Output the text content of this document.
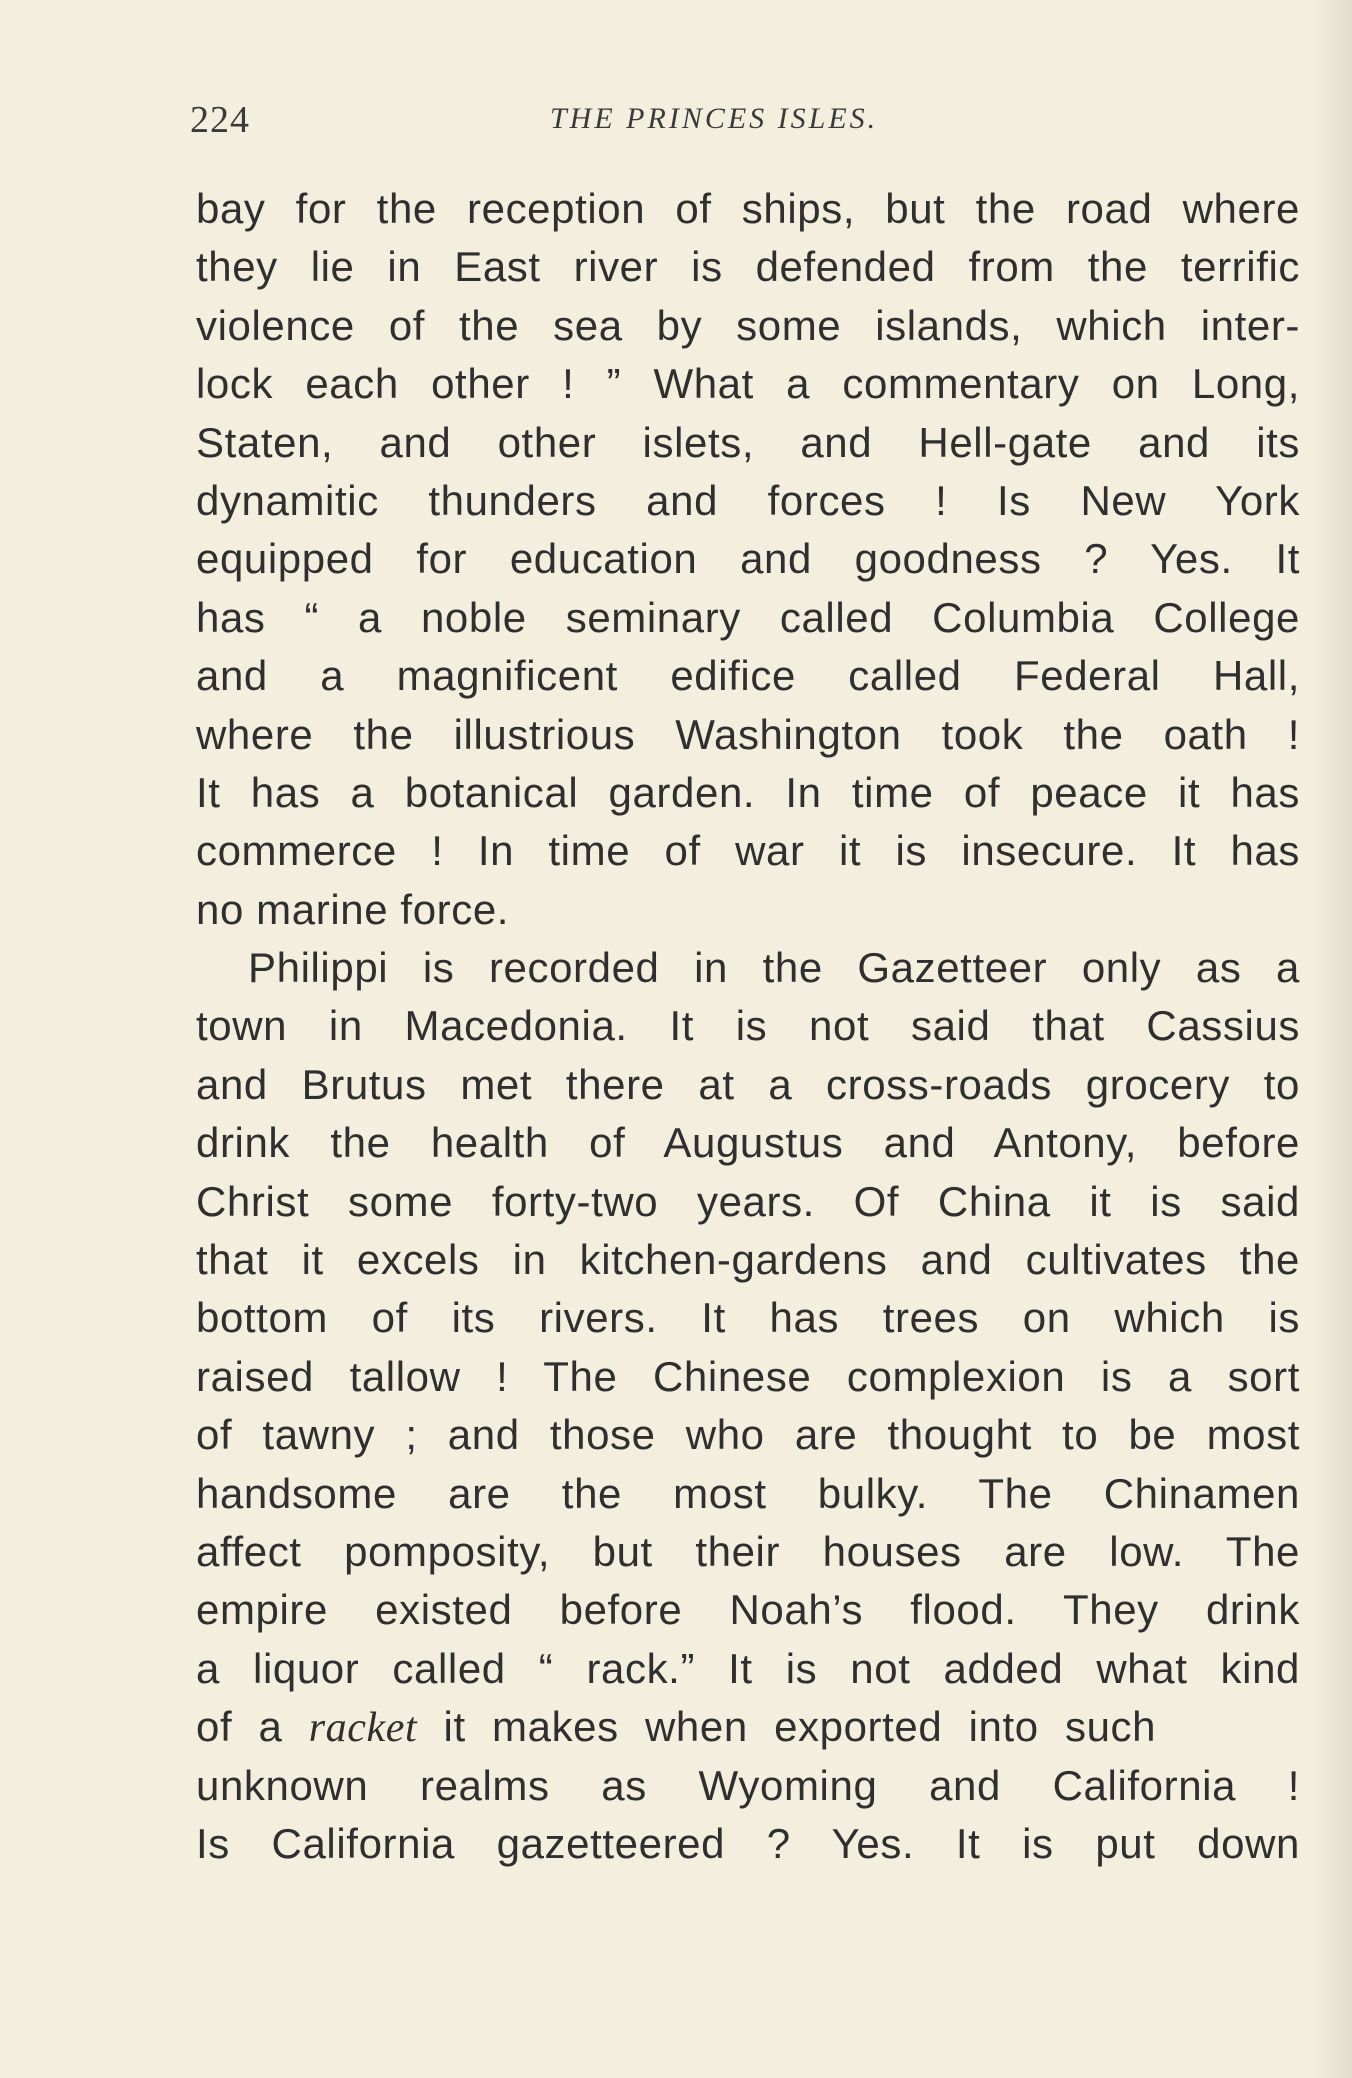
224	THE PRINCES ISLES.
bay for the reception of ships, but the road where
they lie in East river is defended from the terrific
violence of the sea by some islands, which inter-
lock each other ! ” What a commentary on Long,
Staten, and other islets, and Hell-gate and its
dynamitic thunders and forces ! Is New York
equipped for education and goodness ? Yes. It
has “ a noble seminary called Columbia College
and a magnificent edifice called Federal Hall,
where the illustrious Washington took the oath !
It has a botanical garden. In time of peace it has
commerce ! In time of war it is insecure. It has
no marine force.
Philippi is recorded in the Gazetteer only as a
town in Macedonia. It is not said that Cassius
and Brutus met there at a cross-roads grocery to
drink the health of Augustus and Antony, before
Christ some forty-two years. Of China it is said
that it excels in kitchen-gardens and cultivates the
bottom of its rivers. It has trees on which is
raised tallow ! The Chinese complexion is a sort
of tawny ; and those who are thought to be most
handsome are the most bulky. The Chinamen
affect pomposity, but their houses are low. The
empire existed before Noah’s flood. They drink
a liquor called “ rack.” It is not added what kind
of a racket it makes when exported into such
unknown realms as Wyoming and California !
Is California gazetteered ? Yes. It is put down
